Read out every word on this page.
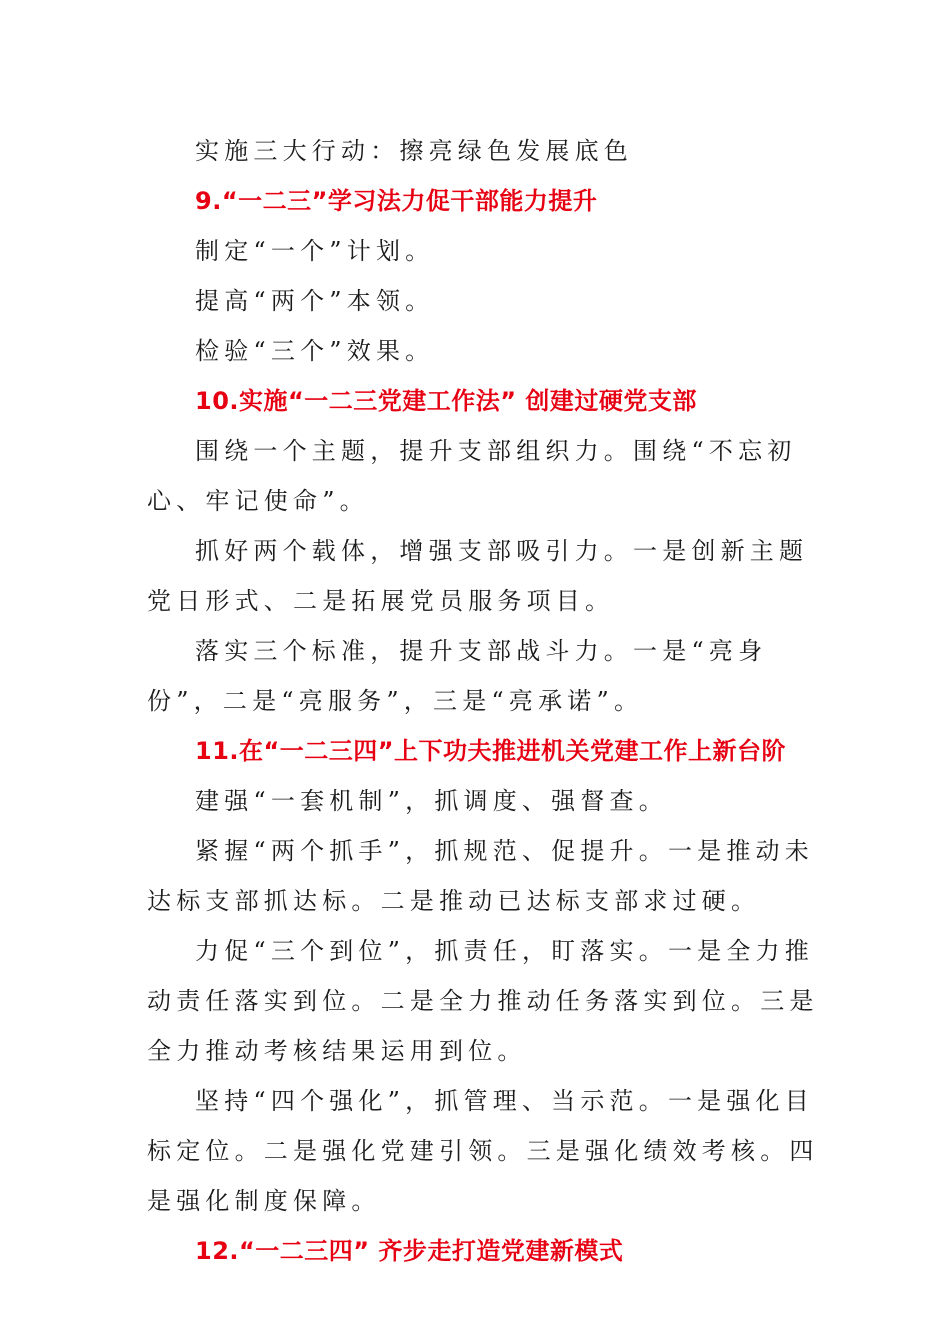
实施三大行动：擦亮绿色发展底色

9.“一二三”学习法力促干部能力提升

制定“一个”计划。

提高“两个”本领。

检验“三个”效果。

10.实施“一二三党建工作法” 创建过硬党支部

围绕一个主题，提升支部组织力。围绕“不忘初心、牢记使命”。

抓好两个载体，增强支部吸引力。一是创新主题党日形式、二是拓展党员服务项目。

落实三个标准，提升支部战斗力。一是“亮身份”，二是“亮服务”，三是“亮承诺”。

11.在“一二三四”上下功夫推进机关党建工作上新台阶

建强“一套机制”，抓调度、强督查。

紧握“两个抓手”，抓规范、促提升。一是推动未达标支部抓达标。二是推动已达标支部求过硬。

力促“三个到位”，抓责任，盯落实。一是全力推动责任落实到位。二是全力推动任务落实到位。三是全力推动考核结果运用到位。

坚持“四个强化”，抓管理、当示范。一是强化目标定位。二是强化党建引领。三是强化绩效考核。四是强化制度保障。

12.“一二三四” 齐步走打造党建新模式
